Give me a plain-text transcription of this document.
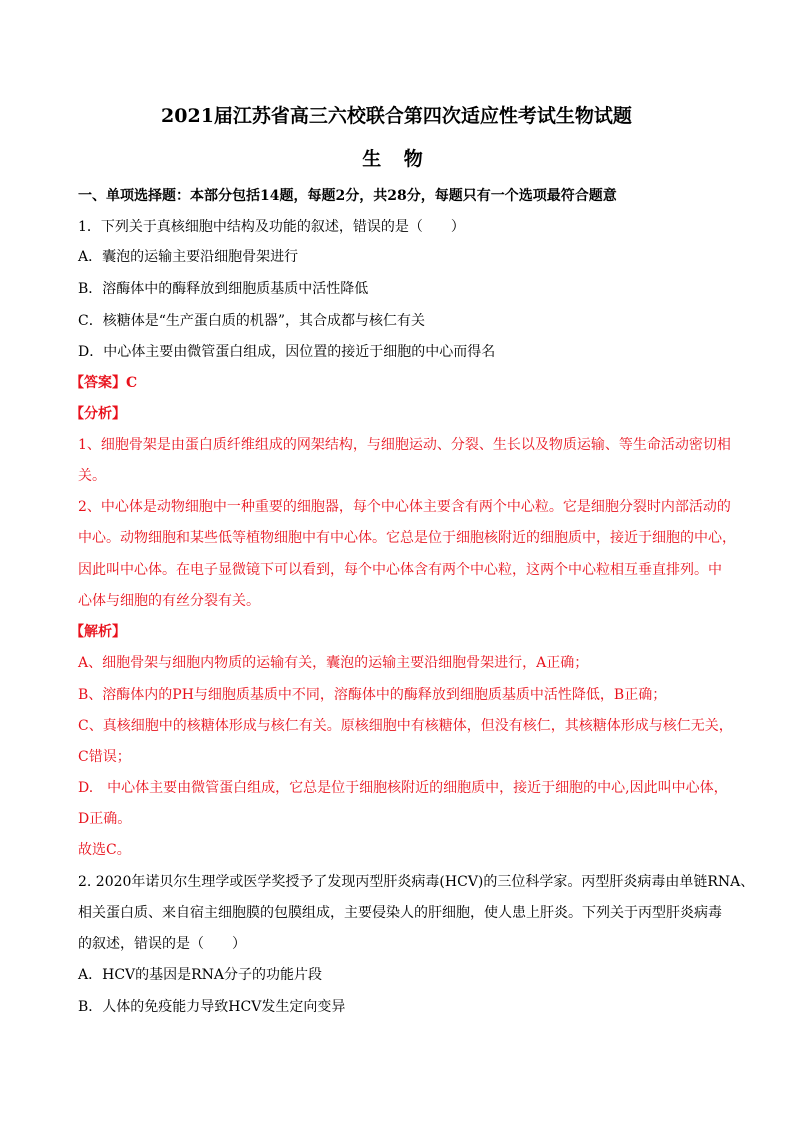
2021届江苏省高三六校联合第四次适应性考试生物试题
生 物
一、单项选择题：本部分包括14题，每题2分，共28分，每题只有一个选项最符合题意
1．下列关于真核细胞中结构及功能的叙述，错误的是（　　）
A．囊泡的运输主要沿细胞骨架进行
B．溶酶体中的酶释放到细胞质基质中活性降低
C．核糖体是“生产蛋白质的机器”，其合成都与核仁有关
D．中心体主要由微管蛋白组成，因位置的接近于细胞的中心而得名
【答案】C
【分析】
1、细胞骨架是由蛋白质纤维组成的网架结构，与细胞运动、分裂、生长以及物质运输、等生命活动密切相
关。
2、中心体是动物细胞中一种重要的细胞器，每个中心体主要含有两个中心粒。它是细胞分裂时内部活动的
中心。动物细胞和某些低等植物细胞中有中心体。它总是位于细胞核附近的细胞质中，接近于细胞的中心，
因此叫中心体。在电子显微镜下可以看到，每个中心体含有两个中心粒，这两个中心粒相互垂直排列。中
心体与细胞的有丝分裂有关。
【解析】
A、细胞骨架与细胞内物质的运输有关，囊泡的运输主要沿细胞骨架进行，A正确；
B、溶酶体内的PH与细胞质基质中不同，溶酶体中的酶释放到细胞质基质中活性降低，B正确；
C、真核细胞中的核糖体形成与核仁有关。原核细胞中有核糖体，但没有核仁，其核糖体形成与核仁无关，
C错误；
D.　中心体主要由微管蛋白组成，它总是位于细胞核附近的细胞质中，接近于细胞的中心,因此叫中心体，
D正确。
故选C。
2. 2020年诺贝尔生理学或医学奖授予了发现丙型肝炎病毒(HCV)的三位科学家。丙型肝炎病毒由单链RNA、
相关蛋白质、来自宿主细胞膜的包膜组成，主要侵染人的肝细胞，使人患上肝炎。下列关于丙型肝炎病毒
的叙述，错误的是（　　）
A．HCV的基因是RNA分子的功能片段
B．人体的免疫能力导致HCV发生定向变异
